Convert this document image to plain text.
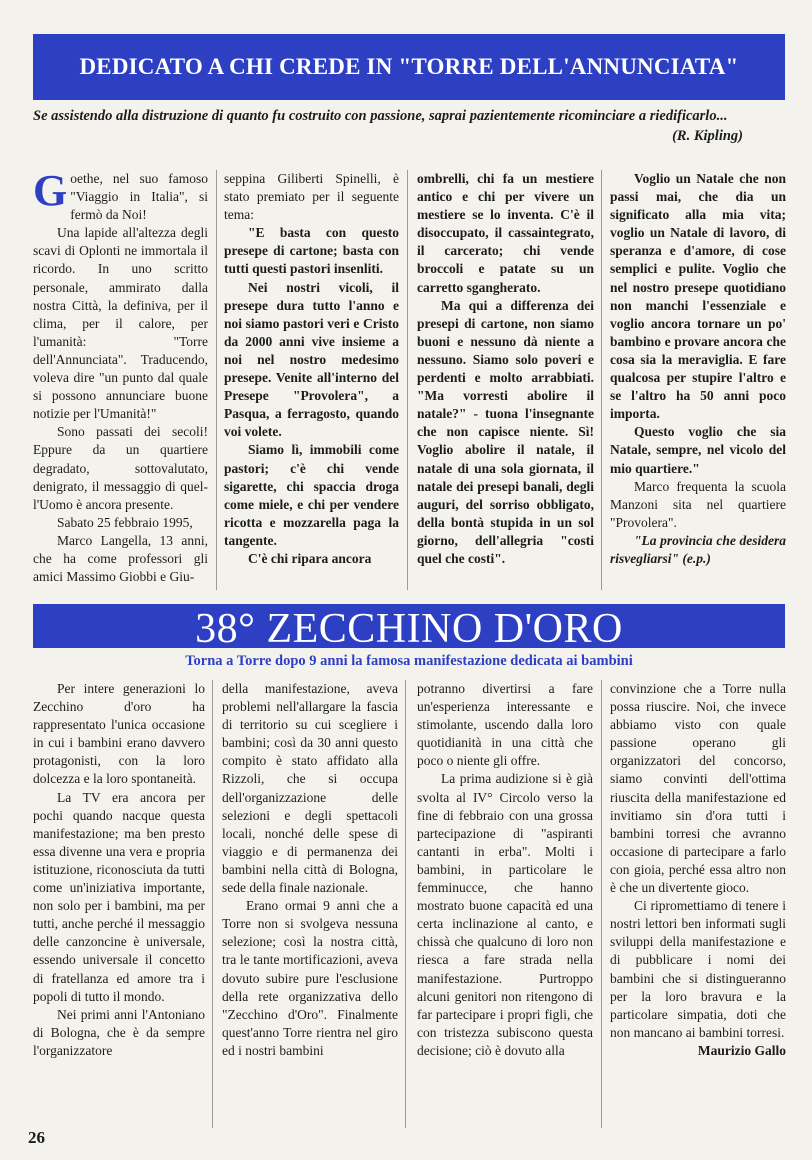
DEDICATO A CHI CREDE IN "TORRE DELL'ANNUNCIATA"
Se assistendo alla distruzione di quanto fu costruito con passione, saprai pazientemente ricominciare a riedificarlo...
(R. Kipling)

Goethe, nel suo famoso "Viaggio in Italia", si fermò da Noi!

Una lapide all'altezza degli scavi di Oplonti ne immortala il ricordo. In uno scritto personale, ammirato dalla nostra Città, la definiva, per il clima, per il calore, per l'umanità: "Torre dell'Annunciata". Traducendo, voleva dire "un punto dal quale si possono annunciare buone notizie per l'Umanità!"

Sono passati dei secoli! Eppure da un quartiere degradato, sottovalutato, denigrato, il messaggio di quel- l'Uomo è ancora presente.

Sabato 25 febbraio 1995,

Marco Langella, 13 anni, che ha come professori gli amici Massimo Giobbi e Giu-

seppina Giliberti Spinelli, è stato premiato per il seguente tema:

"E basta con questo presepe di cartone; basta con tutti questi pastori insenliti.

Nei nostri vicoli, il presepe dura tutto l'anno e noi siamo pastori veri e Cristo da 2000 anni vive insieme a noi nel nostro medesimo presepe. Venite all'interno del Presepe "Provolera", a Pasqua, a ferragosto, quando voi volete.

Siamo lì, immobili come pastori; c'è chi vende sigarette, chi spaccia droga come miele, e chi per vendere ricotta e mozzarella paga la tangente.

C'è chi ripara ancora

ombrelli, chi fa un mestiere antico e chi per vivere un mestiere se lo inventa. C'è il disoccupato, il cassaintegrato, il carcerato; chi vende broccoli e patate su un carretto sgangherato.

Ma qui a differenza dei presepi di cartone, non siamo buoni e nessuno dà niente a nessuno. Siamo solo poveri e perdenti e molto arrabbiati. "Ma vorresti abolire il natale?" - tuona l'insegnante che non capisce niente. Sì! Voglio abolire il natale, il natale di una sola giornata, il natale dei presepi banali, degli auguri, del sorriso obbligato, della bontà stupida in un sol giorno, dell'allegria "costi quel che costi".

Voglio un Natale che non passi mai, che dia un significato alla mia vita; voglio un Natale di lavoro, di speranza e d'amore, di cose semplici e pulite. Voglio che nel nostro presepe quotidiano non manchi l'essenziale e voglio ancora tornare un po' bambino e provare ancora che cosa sia la meraviglia. E fare qualcosa per stupire l'altro e se l'altro ha 50 anni poco importa.

Questo voglio che sia Natale, sempre, nel vicolo del mio quartiere."

Marco frequenta la scuola Manzoni sita nel quartiere "Provolera".

"La provincia che desidera risvegliarsi" (e.p.)

38° ZECCHINO D'ORO
Torna a Torre dopo 9 anni la famosa manifestazione dedicata ai bambini

Per intere generazioni lo Zecchino d'oro ha rappresentato l'unica occasione in cui i bambini erano davvero protagonisti, con la loro dolcezza e la loro spontaneità.

La TV era ancora per pochi quando nacque questa manifestazione; ma ben presto essa divenne una vera e propria istituzione, riconosciuta da tutti come un'iniziativa importante, non solo per i bambini, ma per tutti, anche perché il messaggio delle canzoncine è universale, essendo universale il concetto di fratellanza ed amore tra i popoli di tutto il mondo.

Nei primi anni l'Antoniano di Bologna, che è da sempre l'organizzatore

della manifestazione, aveva problemi nell'allargare la fascia di territorio su cui scegliere i bambini; così da 30 anni questo compito è stato affidato alla Rizzoli, che si occupa dell'organizzazione delle selezioni e degli spettacoli locali, nonché delle spese di viaggio e di permanenza dei bambini nella città di Bologna, sede della finale nazionale.

Erano ormai 9 anni che a Torre non si svolgeva nessuna selezione; così la nostra città, tra le tante mortificazioni, aveva dovuto subire pure l'esclusione della rete organizzativa dello "Zecchino d'Oro". Finalmente quest'anno Torre rientra nel giro ed i nostri bambini

potranno divertirsi a fare un'esperienza interessante e stimolante, uscendo dalla loro quotidianità in una città che poco o niente gli offre.

La prima audizione si è già svolta al IV° Circolo verso la fine di febbraio con una grossa partecipazione di "aspiranti cantanti in erba". Molti i bambini, in particolare le femminucce, che hanno mostrato buone capacità ed una certa inclinazione al canto, e chissà che qualcuno di loro non riesca a fare strada nella manifestazione. Purtroppo alcuni genitori non ritengono di far partecipare i propri figli, che con tristezza subiscono questa decisione; ciò è dovuto alla

convinzione che a Torre nulla possa riuscire. Noi, che invece abbiamo visto con quale passione operano gli organizzatori del concorso, siamo convinti dell'ottima riuscita della manifestazione ed invitiamo sin d'ora tutti i bambini torresi che avranno occasione di partecipare a farlo con gioia, perché essa altro non è che un divertente gioco.

Ci ripromettiamo di tenere i nostri lettori ben informati sugli sviluppi della manifestazione e di pubblicare i nomi dei bambini che si distingueranno per la loro bravura e la particolare simpatia, doti che non mancano ai bambini torresi.

Maurizio Gallo

26
